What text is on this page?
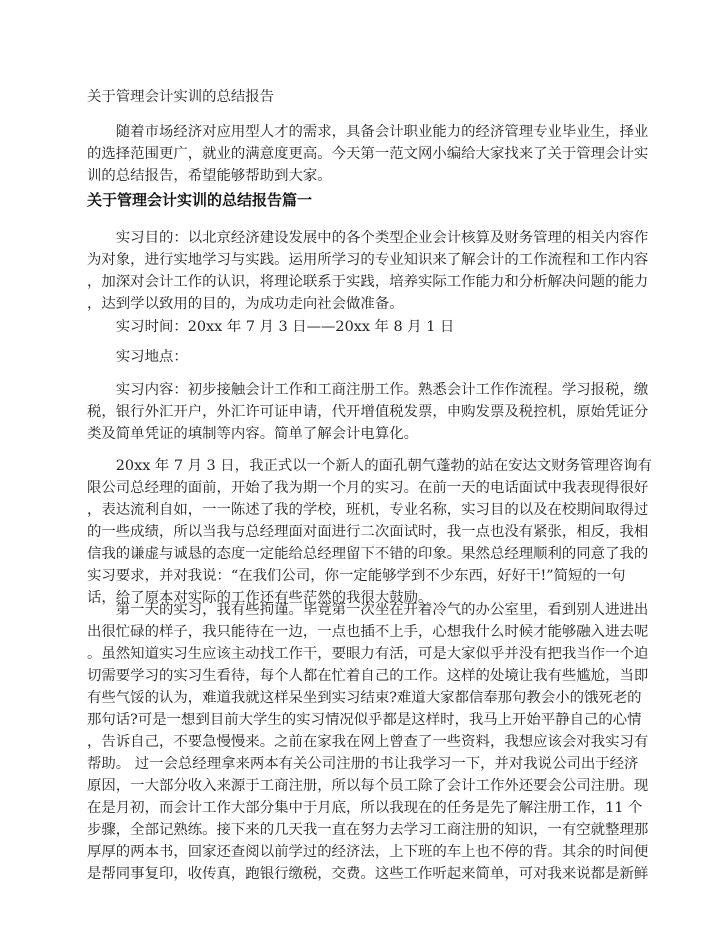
关于管理会计实训的总结报告
　　随着市场经济对应用型人才的需求，具备会计职业能力的经济管理专业毕业生，择业
的选择范围更广，就业的满意度更高。今天第一范文网小编给大家找来了关于管理会计实
训的总结报告，希望能够帮助到大家。
关于管理会计实训的总结报告篇一
　　实习目的：以北京经济建设发展中的各个类型企业会计核算及财务管理的相关内容作
为对象，进行实地学习与实践。运用所学习的专业知识来了解会计的工作流程和工作内容
，加深对会计工作的认识，将理论联系于实践，培养实际工作能力和分析解决问题的能力
，达到学以致用的目的，为成功走向社会做准备。
　　实习时间：20xx 年 7 月 3 日——20xx 年 8 月 1 日
　　实习地点：
　　实习内容：初步接触会计工作和工商注册工作。熟悉会计工作作流程。学习报税，缴
税，银行外汇开户，外汇许可证申请，代开增值税发票，申购发票及税控机，原始凭证分
类及简单凭证的填制等内容。简单了解会计电算化。
　　20xx 年 7 月 3 日，我正式以一个新人的面孔朝气蓬勃的站在安达文财务管理咨询有
限公司总经理的面前，开始了我为期一个月的实习。在前一天的电话面试中我表现得很好
，表达流利自如，一一陈述了我的学校，班机，专业名称，实习目的以及在校期间取得过
的一些成绩，所以当我与总经理面对面进行二次面试时，我一点也没有紧张，相反，我相
信我的谦虚与诚恳的态度一定能给总经理留下不错的印象。果然总经理顺利的同意了我的
实习要求，并对我说：“在我们公司，你一定能够学到不少东西，好好干!”简短的一句
话，给了原本对实际的工作还有些茫然的我很大鼓励。
　　第一天的实习，我有些拘谨。毕竟第一次坐在开着冷气的办公室里，看到别人进进出
出很忙碌的样子，我只能待在一边，一点也插不上手，心想我什么时候才能够融入进去呢
。虽然知道实习生应该主动找工作干，要眼力有活，可是大家似乎并没有把我当作一个迫
切需要学习的实习生看待，每个人都在忙着自己的工作。这样的处境让我有些尴尬，当即
有些气馁的认为，难道我就这样呆坐到实习结束?难道大家都信奉那句教会小的饿死老的
那句话?可是一想到目前大学生的实习情况似乎都是这样时，我马上开始平静自己的心情
，告诉自己，不要急慢慢来。之前在家我在网上曾查了一些资料，我想应该会对我实习有
帮助。 过一会总经理拿来两本有关公司注册的书让我学习一下，并对我说公司出于经济
原因，一大部分收入来源于工商注册，所以每个员工除了会计工作外还要会公司注册。现
在是月初，而会计工作大部分集中于月底，所以我现在的任务是先了解注册工作，11 个
步骤，全部记熟练。接下来的几天我一直在努力去学习工商注册的知识，一有空就整理那
厚厚的两本书，回家还查阅以前学过的经济法，上下班的车上也不停的背。其余的时间便
是帮同事复印，收传真，跑银行缴税，交费。这些工作听起来简单，可对我来说都是新鲜
